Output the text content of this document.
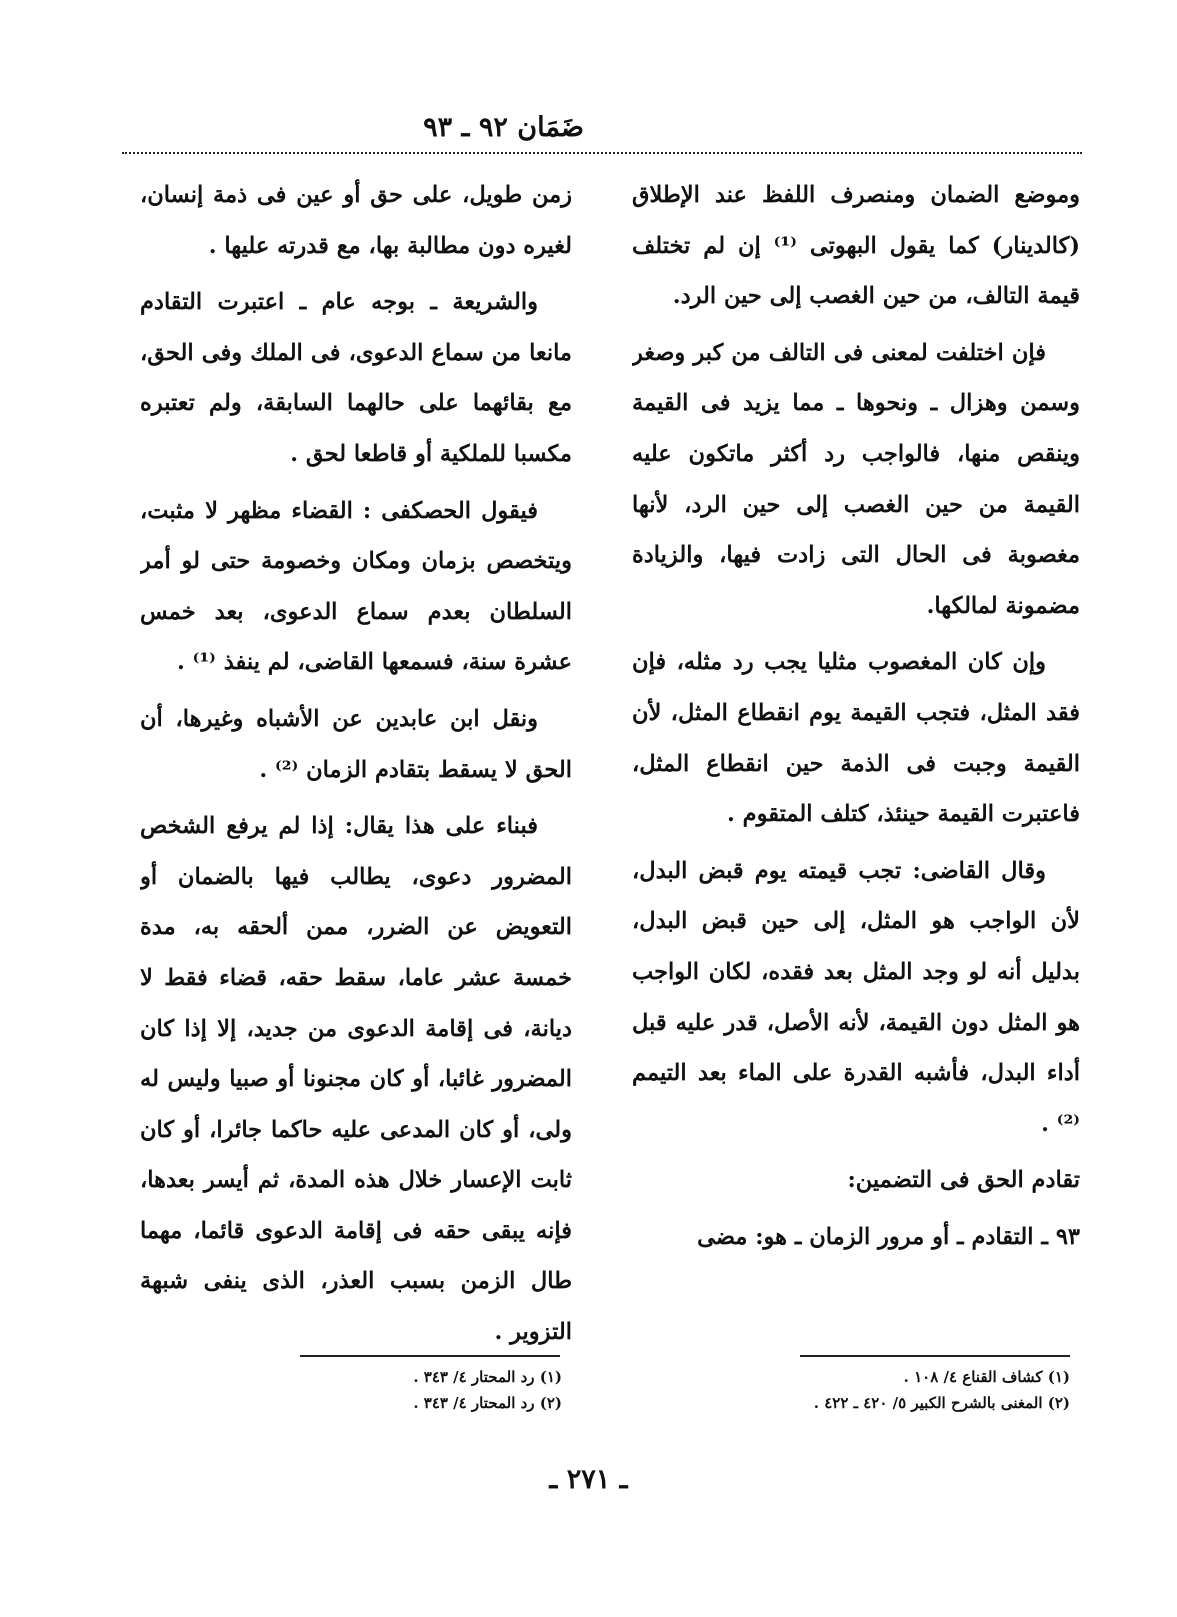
ضَمَان ٩٢ ـ ٩٣

وموضع الضمان ومنصرف اللفظ عند الإطلاق (كالدينار) كما يقول البهوتى ⁽¹⁾ إن لم تختلف قيمة التالف، من حين الغصب إلى حين الرد.

فإن اختلفت لمعنى فى التالف من كبر وصغر وسمن وهزال ـ ونحوها ـ مما يزيد فى القيمة وينقص منها، فالواجب رد أكثر ماتكون عليه القيمة من حين الغصب إلى حين الرد، لأنها مغصوبة فى الحال التى زادت فيها، والزيادة مضمونة لمالكها.

وإن كان المغصوب مثليا يجب رد مثله، فإن فقد المثل، فتجب القيمة يوم انقطاع المثل، لأن القيمة وجبت فى الذمة حين انقطاع المثل، فاعتبرت القيمة حينئذ، كتلف المتقوم .

وقال القاضى: تجب قيمته يوم قبض البدل، لأن الواجب هو المثل، إلى حين قبض البدل، بدليل أنه لو وجد المثل بعد فقده، لكان الواجب هو المثل دون القيمة، لأنه الأصل، قدر عليه قبل أداء البدل، فأشبه القدرة على الماء بعد التيمم ⁽²⁾ .

تقادم الحق فى التضمين:

٩٣ ـ التقادم ـ أو مرور الزمان ـ هو: مضى

زمن طويل، على حق أو عين فى ذمة إنسان، لغيره دون مطالبة بها، مع قدرته عليها .

والشريعة ـ بوجه عام ـ اعتبرت التقادم مانعا من سماع الدعوى، فى الملك وفى الحق، مع بقائهما على حالهما السابقة، ولم تعتبره مكسبا للملكية أو قاطعا لحق .

فيقول الحصكفى : القضاء مظهر لا مثبت، ويتخصص بزمان ومكان وخصومة حتى لو أمر السلطان بعدم سماع الدعوى، بعد خمس عشرة سنة، فسمعها القاضى، لم ينفذ ⁽¹⁾ .

ونقل ابن عابدين عن الأشباه وغيرها، أن الحق لا يسقط بتقادم الزمان ⁽²⁾ .

فبناء على هذا يقال: إذا لم يرفع الشخص المضرور دعوى، يطالب فيها بالضمان أو التعويض عن الضرر، ممن ألحقه به، مدة خمسة عشر عاما، سقط حقه، قضاء فقط لا ديانة، فى إقامة الدعوى من جديد، إلا إذا كان المضرور غائبا، أو كان مجنونا أو صبيا وليس له ولى، أو كان المدعى عليه حاكما جائرا، أو كان ثابت الإعسار خلال هذه المدة، ثم أيسر بعدها، فإنه يبقى حقه فى إقامة الدعوى قائما، مهما طال الزمن بسبب العذر، الذى ينفى شبهة التزوير .

(١) كشاف القناع ٤/ ١٠٨ .
(٢) المغنى بالشرح الكبير ٥/ ٤٢٠ ـ ٤٢٢ .
(١) رد المحتار ٤/ ٣٤٣ .
(٢) رد المحتار ٤/ ٣٤٣ .
ـ ٢٧١ ـ
